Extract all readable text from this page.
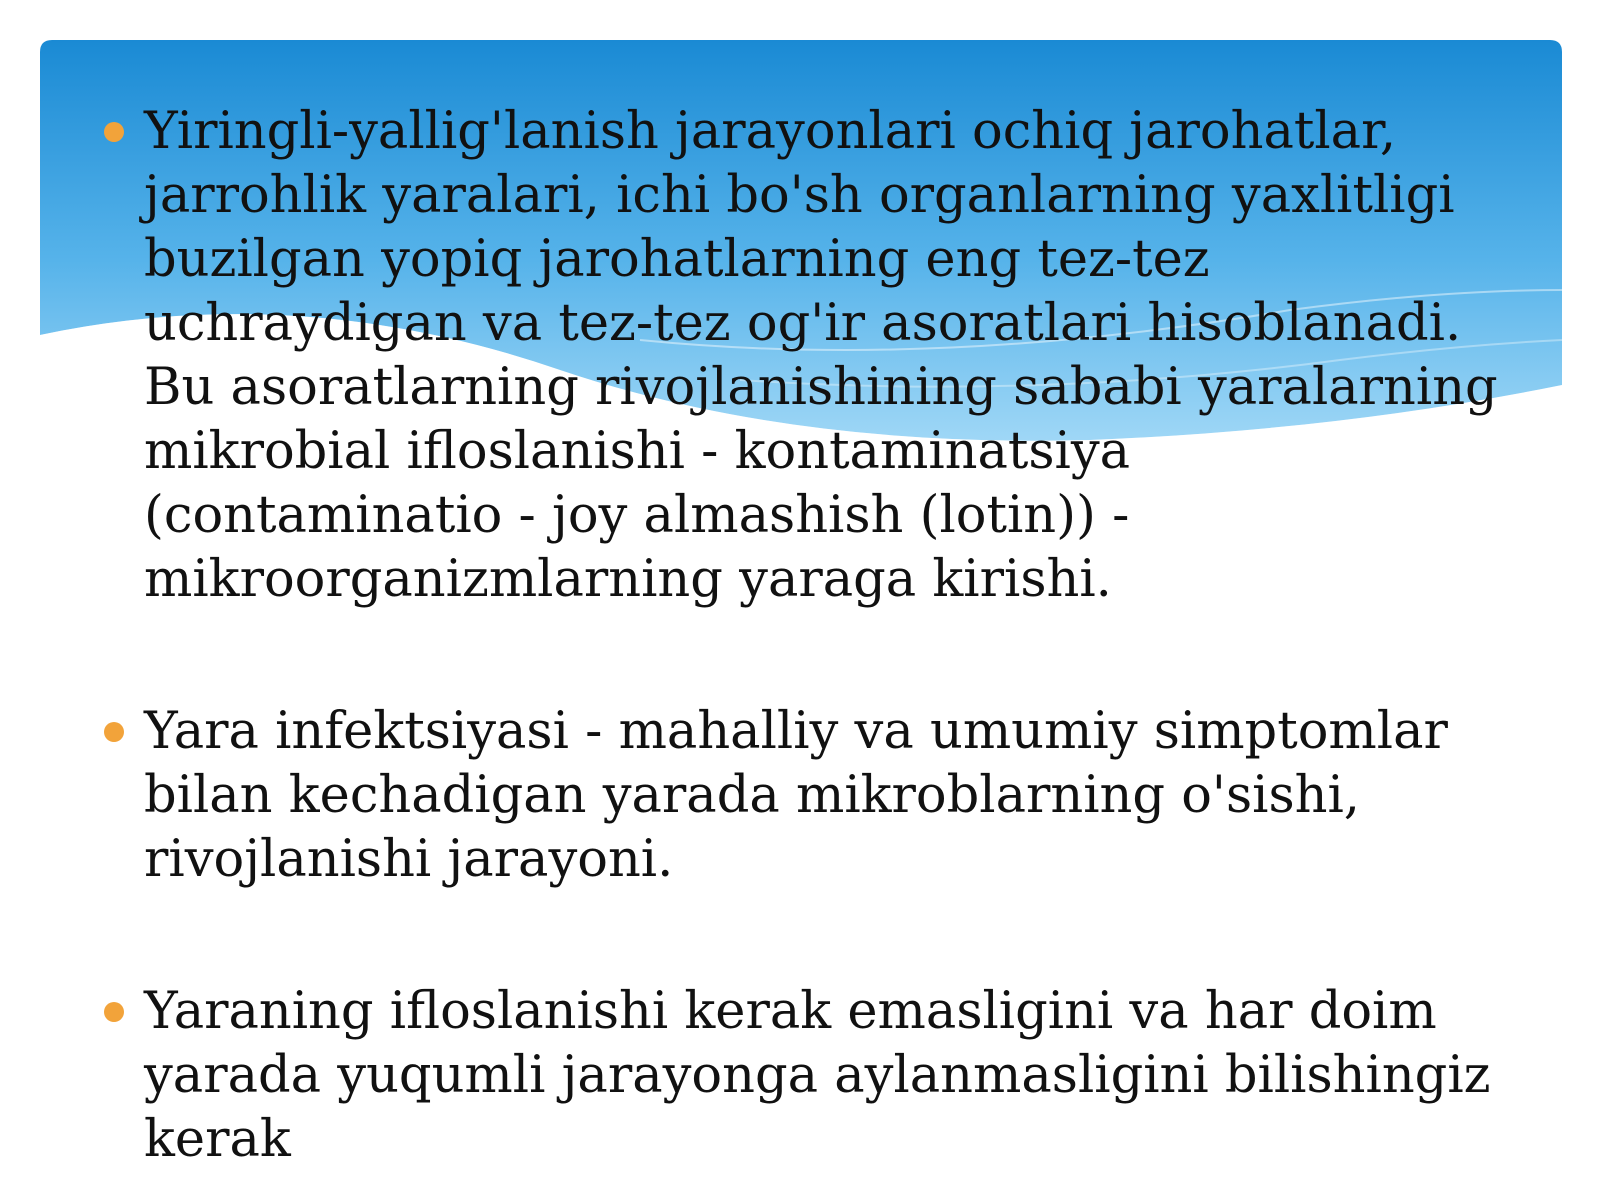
Yiringli-yallig'lanish jarayonlari ochiq jarohatlar, jarrohlik yaralari, ichi bo'sh organlarning yaxlitligi buzilgan yopiq jarohatlarning eng tez-tez uchraydigan va tez-tez og'ir asoratlari hisoblanadi. Bu asoratlarning rivojlanishining sababi yaralarning mikrobial ifloslanishi - kontaminatsiya (contaminatio - joy almashish (lotin)) - mikroorganizmlarning yaraga kirishi.

Yara infektsiyasi - mahalliy va umumiy simptomlar bilan kechadigan yarada mikroblarning o'sishi, rivojlanishi jarayoni.

Yaraning ifloslanishi kerak emasligini va har doim yarada yuqumli jarayonga aylanmasligini bilishingiz kerak
